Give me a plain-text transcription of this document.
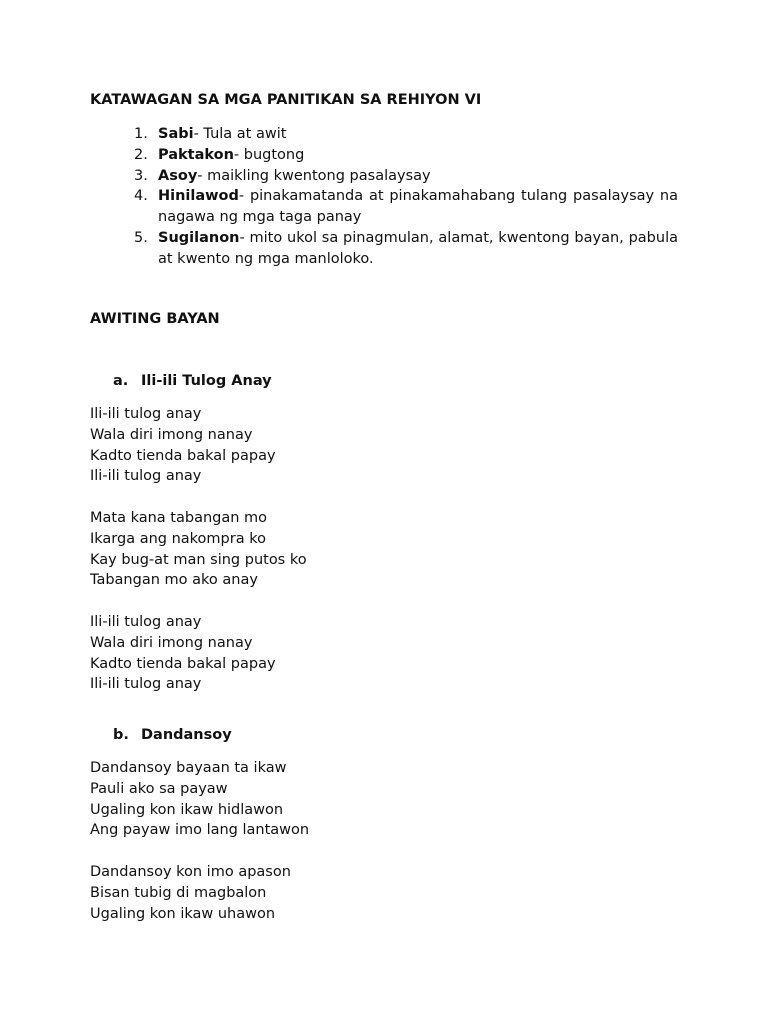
KATAWAGAN SA MGA PANITIKAN SA REHIYON VI
1. Sabi- Tula at awit
2. Paktakon- bugtong
3. Asoy- maikling kwentong pasalaysay
4. Hinilawod- pinakamatanda at pinakamahabang tulang pasalaysay na nagawa ng mga taga panay
5. Sugilanon- mito ukol sa pinagmulan, alamat, kwentong bayan, pabula at kwento ng mga manloloko.
AWITING BAYAN
a. Ili-ili Tulog Anay
Ili-ili tulog anay
Wala diri imong nanay
Kadto tienda bakal papay
Ili-ili tulog anay
Mata kana tabangan mo
Ikarga ang nakompra ko
Kay bug-at man sing putos ko
Tabangan mo ako anay
Ili-ili tulog anay
Wala diri imong nanay
Kadto tienda bakal papay
Ili-ili tulog anay
b. Dandansoy
Dandansoy bayaan ta ikaw
Pauli ako sa payaw
Ugaling kon ikaw hidlawon
Ang payaw imo lang lantawon
Dandansoy kon imo apason
Bisan tubig di magbalon
Ugaling kon ikaw uhawon
